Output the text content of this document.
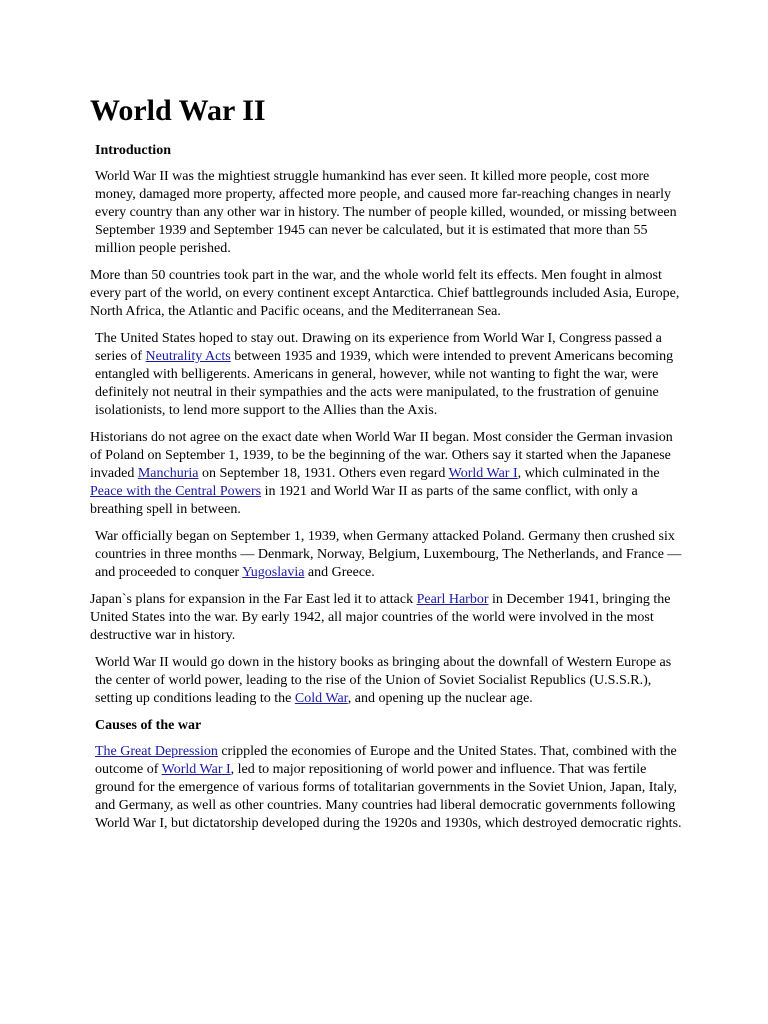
World War II
Introduction

World War II was the mightiest struggle humankind has ever seen. It killed more people, cost more money, damaged more property, affected more people, and caused more far-reaching changes in nearly every country than any other war in history. The number of people killed, wounded, or missing between September 1939 and September 1945 can never be calculated, but it is estimated that more than 55 million people perished.

More than 50 countries took part in the war, and the whole world felt its effects. Men fought in almost every part of the world, on every continent except Antarctica. Chief battlegrounds included Asia, Europe, North Africa, the Atlantic and Pacific oceans, and the Mediterranean Sea.

The United States hoped to stay out. Drawing on its experience from World War I, Congress passed a series of Neutrality Acts between 1935 and 1939, which were intended to prevent Americans becoming entangled with belligerents. Americans in general, however, while not wanting to fight the war, were definitely not neutral in their sympathies and the acts were manipulated, to the frustration of genuine isolationists, to lend more support to the Allies than the Axis.

Historians do not agree on the exact date when World War II began. Most consider the German invasion of Poland on September 1, 1939, to be the beginning of the war. Others say it started when the Japanese invaded Manchuria on September 18, 1931. Others even regard World War I, which culminated in the Peace with the Central Powers in 1921 and World War II as parts of the same conflict, with only a breathing spell in between.

War officially began on September 1, 1939, when Germany attacked Poland. Germany then crushed six countries in three months — Denmark, Norway, Belgium, Luxembourg, The Netherlands, and France — and proceeded to conquer Yugoslavia and Greece.

Japan`s plans for expansion in the Far East led it to attack Pearl Harbor in December 1941, bringing the United States into the war. By early 1942, all major countries of the world were involved in the most destructive war in history.

World War II would go down in the history books as bringing about the downfall of Western Europe as the center of world power, leading to the rise of the Union of Soviet Socialist Republics (U.S.S.R.), setting up conditions leading to the Cold War, and opening up the nuclear age.

Causes of the war

The Great Depression crippled the economies of Europe and the United States. That, combined with the outcome of World War I, led to major repositioning of world power and influence. That was fertile ground for the emergence of various forms of totalitarian governments in the Soviet Union, Japan, Italy, and Germany, as well as other countries. Many countries had liberal democratic governments following World War I, but dictatorship developed during the 1920s and 1930s, which destroyed democratic rights.
